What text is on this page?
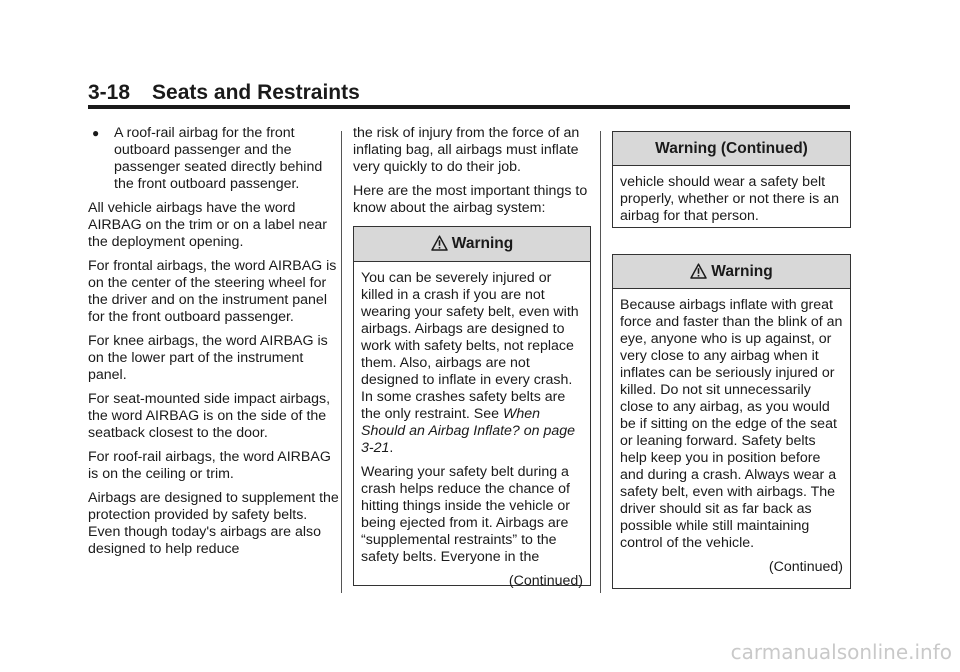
3-18 Seats and Restraints
● A roof-rail airbag for the front outboard passenger and the passenger seated directly behind the front outboard passenger.

All vehicle airbags have the word AIRBAG on the trim or on a label near the deployment opening.

For frontal airbags, the word AIRBAG is on the center of the steering wheel for the driver and on the instrument panel for the front outboard passenger.

For knee airbags, the word AIRBAG is on the lower part of the instrument panel.

For seat-mounted side impact airbags, the word AIRBAG is on the side of the seatback closest to the door.

For roof-rail airbags, the word AIRBAG is on the ceiling or trim.

Airbags are designed to supplement the protection provided by safety belts. Even though today's airbags are also designed to help reduce

the risk of injury from the force of an inflating bag, all airbags must inflate very quickly to do their job.

Here are the most important things to know about the airbag system:

Warning

You can be severely injured or killed in a crash if you are not wearing your safety belt, even with airbags. Airbags are designed to work with safety belts, not replace them. Also, airbags are not designed to inflate in every crash. In some crashes safety belts are the only restraint. See When Should an Airbag Inflate? on page 3-21.

Wearing your safety belt during a crash helps reduce the chance of hitting things inside the vehicle or being ejected from it. Airbags are “supplemental restraints” to the safety belts. Everyone in the

(Continued)
Warning (Continued)

vehicle should wear a safety belt properly, whether or not there is an airbag for that person.

Warning

Because airbags inflate with great force and faster than the blink of an eye, anyone who is up against, or very close to any airbag when it inflates can be seriously injured or killed. Do not sit unnecessarily close to any airbag, as you would be if sitting on the edge of the seat or leaning forward. Safety belts help keep you in position before and during a crash. Always wear a safety belt, even with airbags. The driver should sit as far back as possible while still maintaining control of the vehicle.

(Continued)
carmanualsonline.info
